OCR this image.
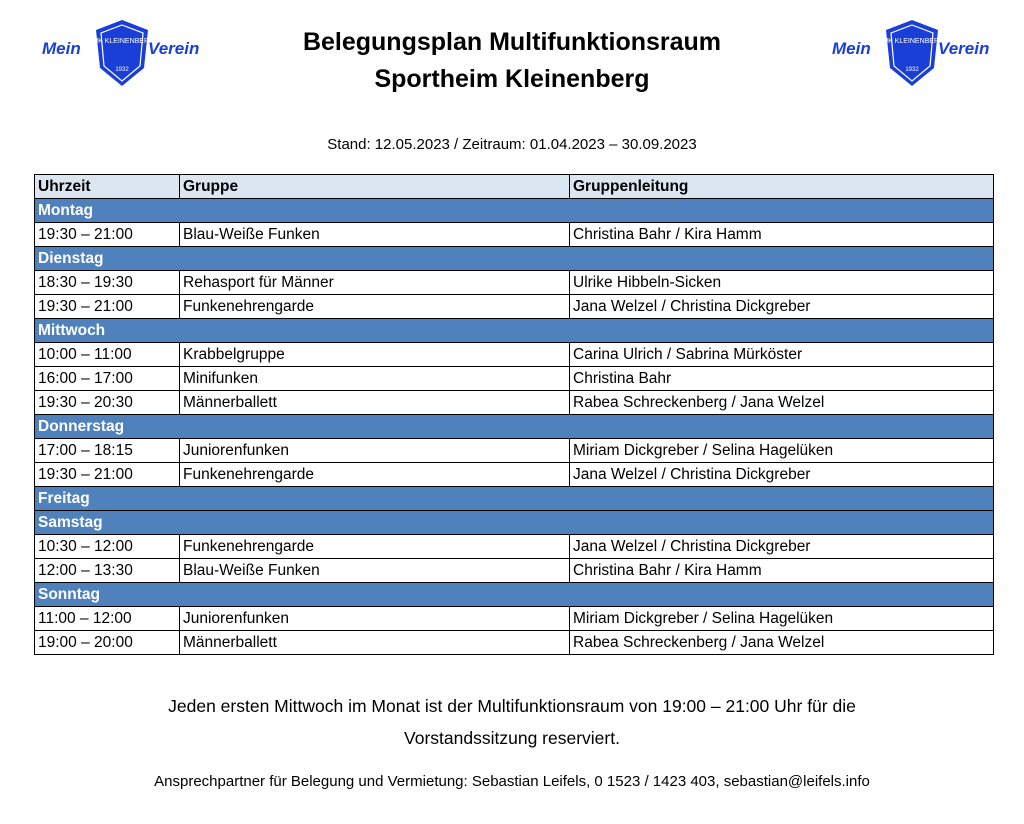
DJK KLEINENBERG
1932
Mein	Verein	DJK KLEINENBERG
1932
Mein	Verein
Belegungsplan Multifunktionsraum
Sportheim Kleinenberg
Stand: 12.05.2023 / Zeitraum: 01.04.2023 – 30.09.2023
Uhrzeit	Gruppe	Gruppenleitung
Montag		
19:30 – 21:00	Blau-Weiße Funken	Christina Bahr / Kira Hamm
Dienstag		
18:30 – 19:30	Rehasport für Männer	Ulrike Hibbeln-Sicken
19:30 – 21:00	Funkenehrengarde	Jana Welzel / Christina Dickgreber
Mittwoch		
10:00 – 11:00	Krabbelgruppe	Carina Ulrich / Sabrina Mürköster
16:00 – 17:00	Minifunken	Christina Bahr
19:30 – 20:30	Männerballett	Rabea Schreckenberg / Jana Welzel
Donnerstag		
17:00 – 18:15	Juniorenfunken	Miriam Dickgreber / Selina Hagelüken
19:30 – 21:00	Funkenehrengarde	Jana Welzel / Christina Dickgreber
Freitag		
Samstag		
10:30 – 12:00	Funkenehrengarde	Jana Welzel / Christina Dickgreber
12:00 – 13:30	Blau-Weiße Funken	Christina Bahr / Kira Hamm
Sonntag		
11:00 – 12:00	Juniorenfunken	Miriam Dickgreber / Selina Hagelüken
19:00 – 20:00	Männerballett	Rabea Schreckenberg / Jana Welzel
Jeden ersten Mittwoch im Monat ist der Multifunktionsraum von 19:00 – 21:00 Uhr für die
Vorstandssitzung reserviert.
Ansprechpartner für Belegung und Vermietung: Sebastian Leifels, 0 1523 / 1423 403, sebastian@leifels.info
